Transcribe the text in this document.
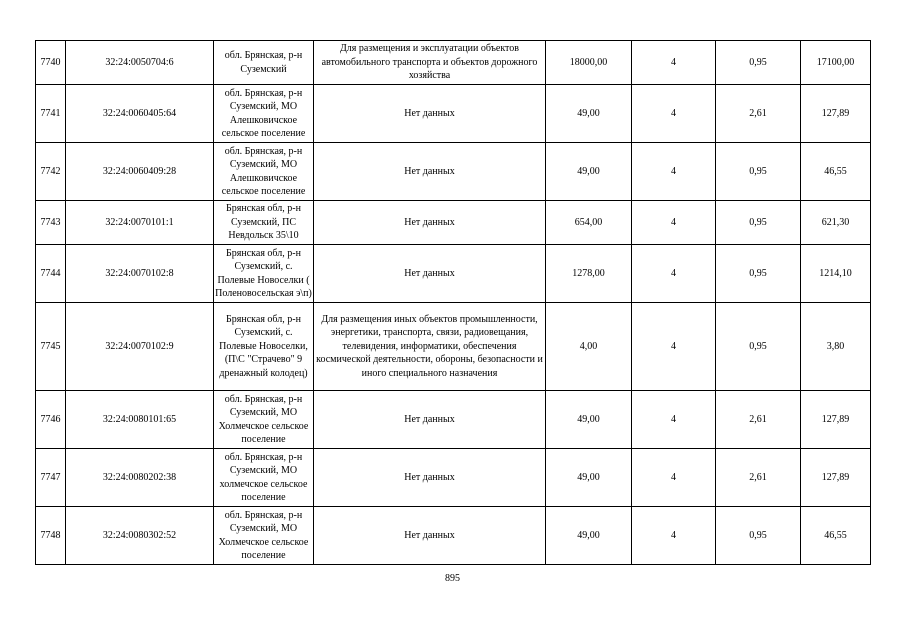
7740	32:24:0050704:6	обл. Брянская, р-н Суземский	Для размещения и эксплуатации объектов автомобильного транспорта и объектов дорожного хозяйства	18000,00	4	0,95	17100,00
7741	32:24:0060405:64	обл. Брянская, р-н Суземский, МО Алешковичское сельское поселение	Нет данных	49,00	4	2,61	127,89
7742	32:24:0060409:28	обл. Брянская, р-н Суземский, МО Алешковичское сельское поселение	Нет данных	49,00	4	0,95	46,55
7743	32:24:0070101:1	Брянская обл, р-н Суземский, ПС Невдольск 35\10	Нет данных	654,00	4	0,95	621,30
7744	32:24:0070102:8	Брянская обл, р-н Суземский, с. Полевые Новоселки ( Поленовосельская э\п)	Нет данных	1278,00	4	0,95	1214,10
7745	32:24:0070102:9	Брянская обл, р-н Суземский, с. Полевые Новоселки, (П\С "Страчево" 9 дренажный колодец)	Для размещения иных объектов промышленности, энергетики, транспорта, связи, радиовещания, телевидения, информатики, обеспечения космической деятельности, обороны, безопасности и иного специального назначения	4,00	4	0,95	3,80
7746	32:24:0080101:65	обл. Брянская, р-н Суземский, МО Холмечское сельское поселение	Нет данных	49,00	4	2,61	127,89
7747	32:24:0080202:38	обл. Брянская, р-н Суземский, МО холмечское сельское поселение	Нет данных	49,00	4	2,61	127,89
7748	32:24:0080302:52	обл. Брянская, р-н Суземский, МО Холмечское сельское поселение	Нет данных	49,00	4	0,95	46,55
895
